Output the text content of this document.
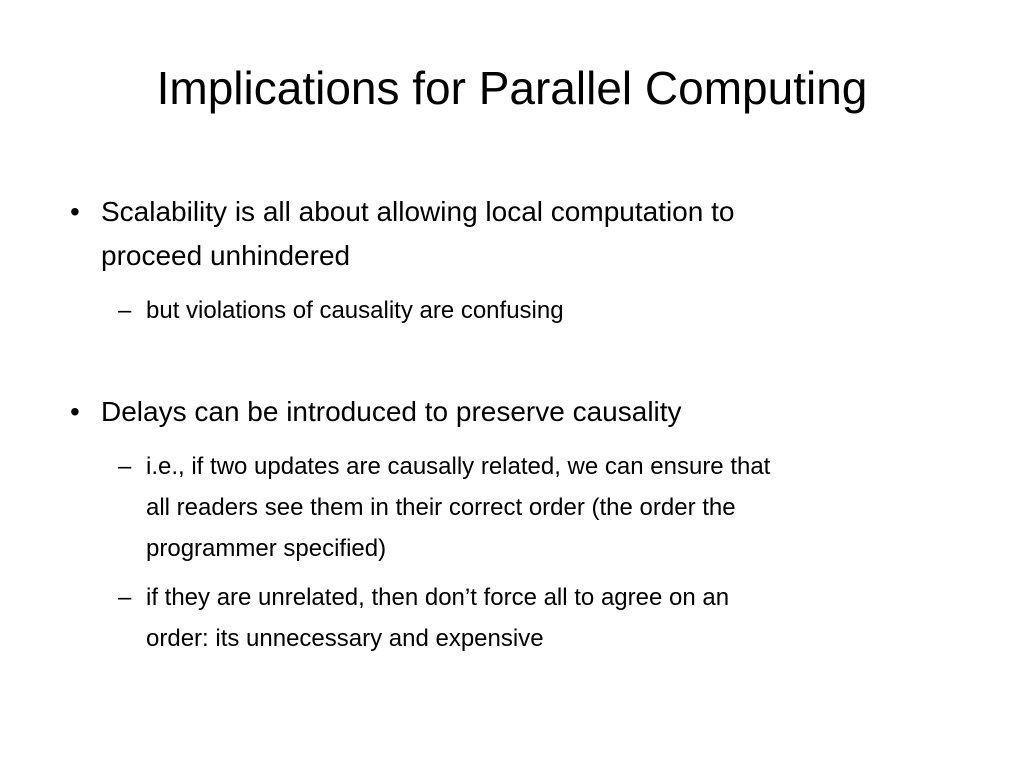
Implications for Parallel Computing
• Scalability is all about allowing local computation to
proceed unhindered
– but violations of causality are confusing
• Delays can be introduced to preserve causality
– i.e., if two updates are causally related, we can ensure that
all readers see them in their correct order (the order the
programmer specified)
– if they are unrelated, then don’t force all to agree on an
order: its unnecessary and expensive
